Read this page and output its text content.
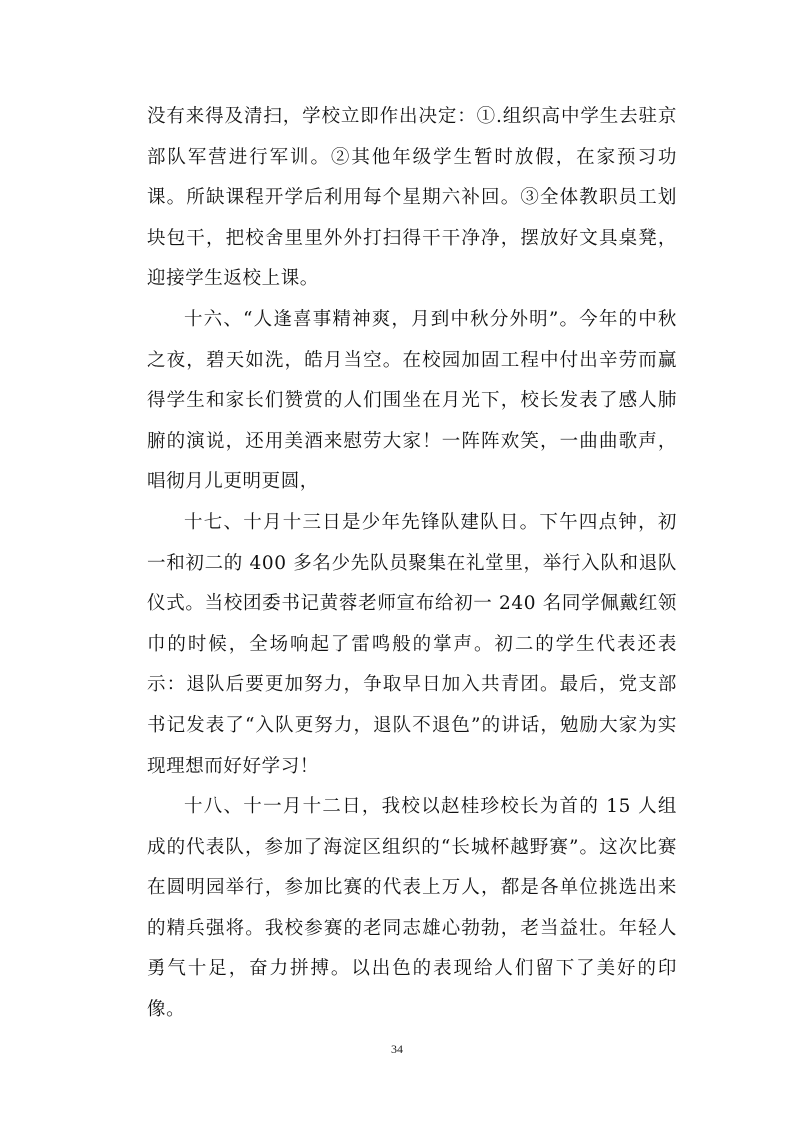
没有来得及清扫，学校立即作出决定：①.组织高中学生去驻京部队军营进行军训。②其他年级学生暂时放假，在家预习功课。所缺课程开学后利用每个星期六补回。③全体教职员工划块包干，把校舍里里外外打扫得干干净净，摆放好文具桌凳，迎接学生返校上课。

十六、“人逢喜事精神爽，月到中秋分外明”。今年的中秋之夜，碧天如洗，皓月当空。在校园加固工程中付出辛劳而赢得学生和家长们赞赏的人们围坐在月光下，校长发表了感人肺腑的演说，还用美酒来慰劳大家！一阵阵欢笑，一曲曲歌声，唱彻月儿更明更圆，

十七、十月十三日是少年先锋队建队日。下午四点钟，初一和初二的 400 多名少先队员聚集在礼堂里，举行入队和退队仪式。当校团委书记黄蓉老师宣布给初一 240 名同学佩戴红领巾的时候，全场响起了雷鸣般的掌声。初二的学生代表还表示：退队后要更加努力，争取早日加入共青团。最后，党支部书记发表了“入队更努力，退队不退色”的讲话，勉励大家为实现理想而好好学习！

十八、十一月十二日，我校以赵桂珍校长为首的 15 人组成的代表队，参加了海淀区组织的“长城杯越野赛”。这次比赛在圆明园举行，参加比赛的代表上万人，都是各单位挑选出来的精兵强将。我校参赛的老同志雄心勃勃，老当益壮。年轻人勇气十足，奋力拼搏。以出色的表现给人们留下了美好的印像。

34
